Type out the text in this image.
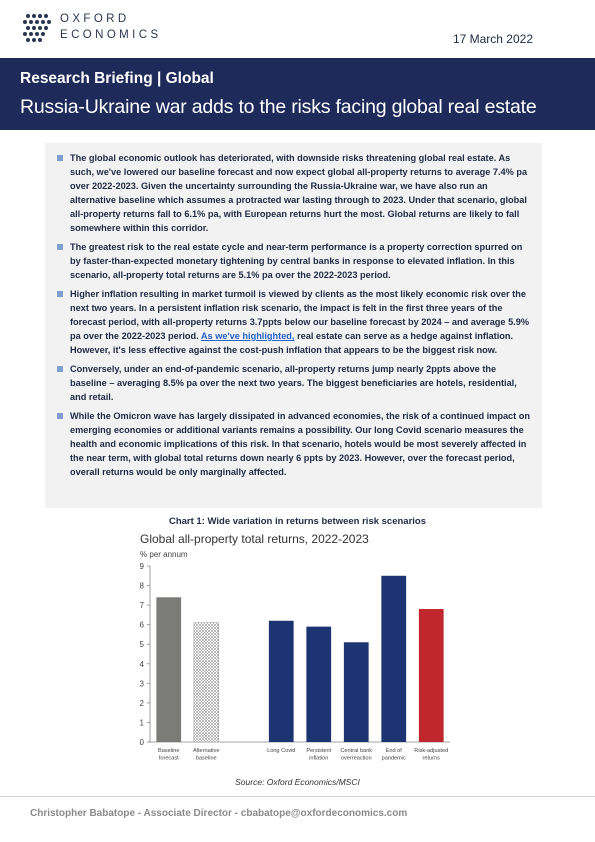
OXFORD
ECONOMICS	17 March 2022
Research Briefing | Global
Russia-Ukraine war adds to the risks facing global real estate
The global economic outlook has deteriorated, with downside risks threatening global real estate. As such, we've lowered our baseline forecast and now expect global all-property returns to average 7.4% pa over 2022-2023. Given the uncertainty surrounding the Russia-Ukraine war, we have also run an alternative baseline which assumes a protracted war lasting through to 2023. Under that scenario, global all-property returns fall to 6.1% pa, with European returns hurt the most. Global returns are likely to fall somewhere within this corridor.
The greatest risk to the real estate cycle and near-term performance is a property correction spurred on by faster-than-expected monetary tightening by central banks in response to elevated inflation. In this scenario, all-property total returns are 5.1% pa over the 2022-2023 period.
Higher inflation resulting in market turmoil is viewed by clients as the most likely economic risk over the next two years. In a persistent inflation risk scenario, the impact is felt in the first three years of the forecast period, with all-property returns 3.7ppts below our baseline forecast by 2024 – and average 5.9% pa over the 2022-2023 period. As we've highlighted, real estate can serve as a hedge against inflation. However, it's less effective against the cost-push inflation that appears to be the biggest risk now.
Conversely, under an end-of-pandemic scenario, all-property returns jump nearly 2ppts above the baseline – averaging 8.5% pa over the next two years. The biggest beneficiaries are hotels, residential, and retail.
While the Omicron wave has largely dissipated in advanced economies, the risk of a continued impact on emerging economies or additional variants remains a possibility. Our long Covid scenario measures the health and economic implications of this risk. In that scenario, hotels would be most severely affected in the near term, with global total returns down nearly 6 ppts by 2023. However, over the forecast period, overall returns would be only marginally affected.
Chart 1: Wide variation in returns between risk scenarios
Global all-property total returns, 2022-2023
% per annum
0
1
2
3
4
5
6
7
8
9
Baseline forecast
Alternative baseline
Long Covid Persistent inflation
Central bank overreaction
End of pandemic
Risk-adjusted returns
Source: Oxford Economics/MSCI
Christopher Babatope - Associate Director - cbabatope@oxfordeconomics.com
